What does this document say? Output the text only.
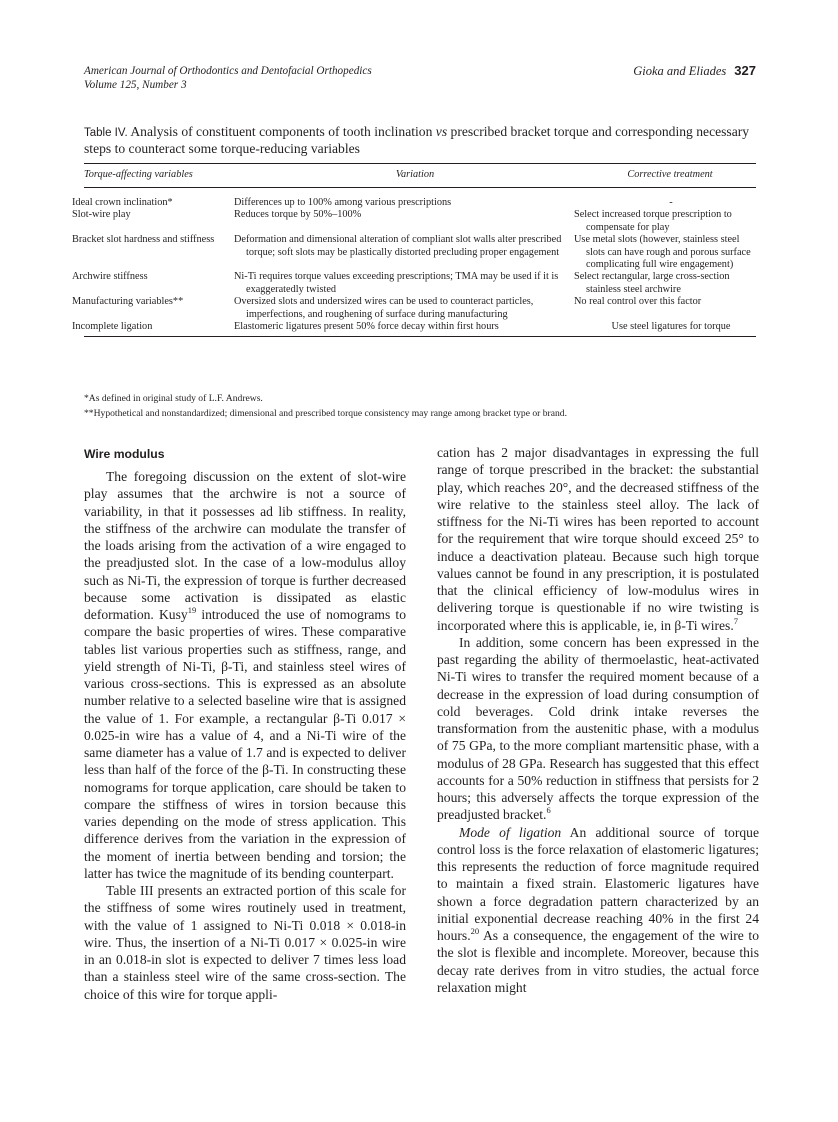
American Journal of Orthodontics and Dentofacial Orthopedics
Volume 125, Number 3
Gioka and Eliades 327
Table IV. Analysis of constituent components of tooth inclination vs prescribed bracket torque and corresponding necessary steps to counteract some torque-reducing variables
Torque-affecting variables	Variation	Corrective treatment
Ideal crown inclination*	Differences up to 100% among various prescriptions	-
Slot-wire play	Reduces torque by 50%–100%	Select increased torque prescription to compensate for play
Bracket slot hardness and stiffness	Deformation and dimensional alteration of compliant slot walls alter prescribed torque; soft slots may be plastically distorted precluding proper engagement	Use metal slots (however, stainless steel slots can have rough and porous surface complicating full wire engagement)
Archwire stiffness	Ni-Ti requires torque values exceeding prescriptions; TMA may be used if it is exaggeratedly twisted	Select rectangular, large cross-section stainless steel archwire
Manufacturing variables**	Oversized slots and undersized wires can be used to counteract particles, imperfections, and roughening of surface during manufacturing	No real control over this factor
Incomplete ligation	Elastomeric ligatures present 50% force decay within first hours	Use steel ligatures for torque
*As defined in original study of L.F. Andrews.
**Hypothetical and nonstandardized; dimensional and prescribed torque consistency may range among bracket type or brand.
Wire modulus

The foregoing discussion on the extent of slot-wire play assumes that the archwire is not a source of variability, in that it possesses ad lib stiffness. In reality, the stiffness of the archwire can modulate the transfer of the loads arising from the activation of a wire engaged to the preadjusted slot. In the case of a low-modulus alloy such as Ni-Ti, the expression of torque is further decreased because some activation is dissipated as elastic deformation. Kusy$^{19}$ introduced the use of nomograms to compare the basic properties of wires. These comparative tables list various properties such as stiffness, range, and yield strength of Ni-Ti, β-Ti, and stainless steel wires of various cross-sections. This is expressed as an absolute number relative to a selected baseline wire that is assigned the value of 1. For example, a rectangular β-Ti 0.017 × 0.025-in wire has a value of 4, and a Ni-Ti wire of the same diameter has a value of 1.7 and is expected to deliver less than half of the force of the β-Ti. In constructing these nomograms for torque application, care should be taken to compare the stiffness of wires in torsion because this varies depending on the mode of stress application. This difference derives from the variation in the expression of the moment of inertia between bending and torsion; the latter has twice the magnitude of its bending counterpart.

Table III presents an extracted portion of this scale for the stiffness of some wires routinely used in treatment, with the value of 1 assigned to Ni-Ti 0.018 × 0.018-in wire. Thus, the insertion of a Ni-Ti 0.017 × 0.025-in wire in an 0.018-in slot is expected to deliver 7 times less load than a stainless steel wire of the same cross-section. The choice of this wire for torque appli-

cation has 2 major disadvantages in expressing the full range of torque prescribed in the bracket: the substantial play, which reaches 20°, and the decreased stiffness of the wire relative to the stainless steel alloy. The lack of stiffness for the Ni-Ti wires has been reported to account for the requirement that wire torque should exceed 25° to induce a deactivation plateau. Because such high torque values cannot be found in any prescription, it is postulated that the clinical efficiency of low-modulus wires in delivering torque is questionable if no wire twisting is incorporated where this is applicable, ie, in β-Ti wires.$^7$

In addition, some concern has been expressed in the past regarding the ability of thermoelastic, heat-activated Ni-Ti wires to transfer the required moment because of a decrease in the expression of load during consumption of cold beverages. Cold drink intake reverses the transformation from the austenitic phase, with a modulus of 75 GPa, to the more compliant martensitic phase, with a modulus of 28 GPa. Research has suggested that this effect accounts for a 50% reduction in stiffness that persists for 2 hours; this adversely affects the torque expression of the preadjusted bracket.$^6$

Mode of ligation An additional source of torque control loss is the force relaxation of elastomeric ligatures; this represents the reduction of force magnitude required to maintain a fixed strain. Elastomeric ligatures have shown a force degradation pattern characterized by an initial exponential decrease reaching 40% in the first 24 hours.$^{20}$ As a consequence, the engagement of the wire to the slot is flexible and incomplete. Moreover, because this decay rate derives from in vitro studies, the actual force relaxation might
